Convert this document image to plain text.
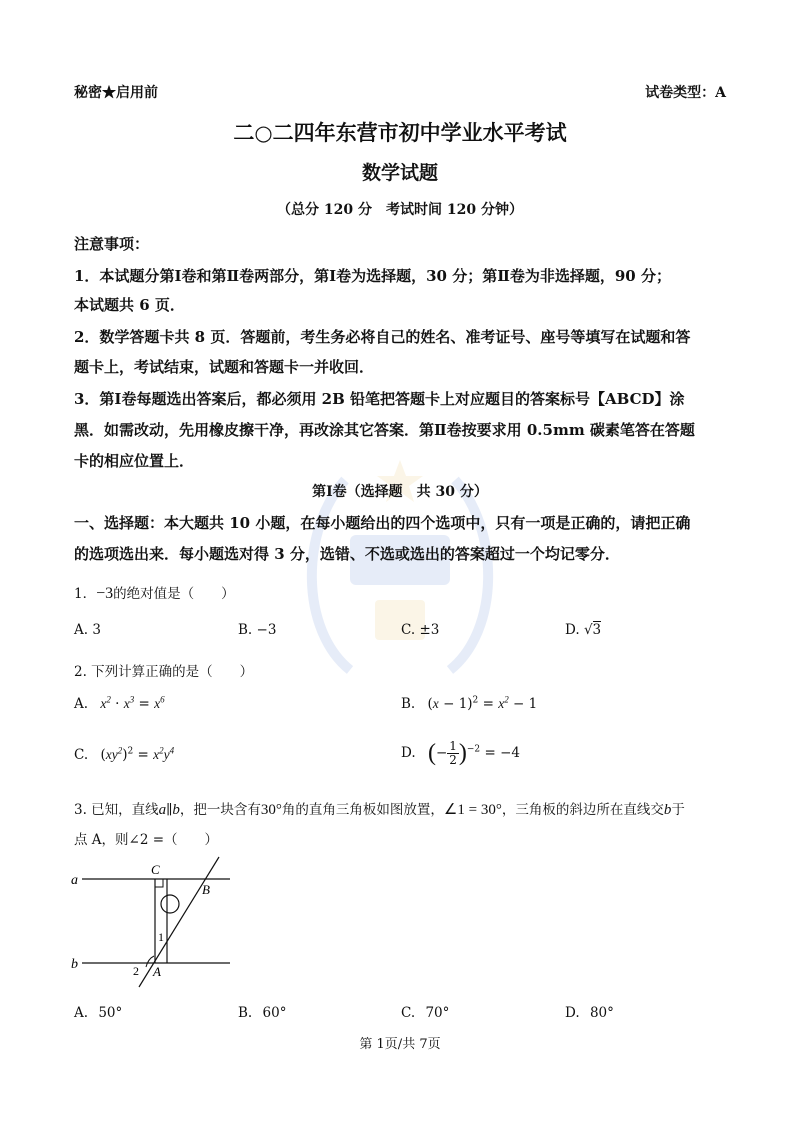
秘密★启用前	试卷类型：A
二○二四年东营市初中学业水平考试
数学试题
（总分 120 分　考试时间 120 分钟）
注意事项：
1．本试题分第Ⅰ卷和第Ⅱ卷两部分，第Ⅰ卷为选择题，30 分；第Ⅱ卷为非选择题，90 分；
本试题共 6 页．
2．数学答题卡共 8 页．答题前，考生务必将自己的姓名、准考证号、座号等填写在试题和答
题卡上，考试结束，试题和答题卡一并收回．
3．第Ⅰ卷每题选出答案后，都必须用 2B 铅笔把答题卡上对应题目的答案标号【ABCD】涂
黑．如需改动，先用橡皮擦干净，再改涂其它答案．第Ⅱ卷按要求用 0.5mm 碳素笔答在答题
卡的相应位置上．
第Ⅰ卷（选择题　共 30 分）
一、选择题：本大题共 10 小题，在每小题给出的四个选项中，只有一项是正确的，请把正确
的选项选出来．每小题选对得 3 分，选错、不选或选出的答案超过一个均记零分．
1．−3的绝对值是（　　）
A. 3	B. −3	C. ±3	D. √3
2. 下列计算正确的是（　　）
A. $x^2 \cdot x^3 = x^6$	B. $(x - 1)^2 = x^2 - 1$
C. $(xy^2)^2 = x^2y^4$	D. (− $\frac{1}{2} )^{-2} = -4$
3. 已知，直线a∥b，把一块含有30°角的直角三角板如图放置，∠1 = 30°，三角板的斜边所在直线交b于
点 A，则∠2 =（　　）
a
b
C
B
A
1
2
A. 50°	B. 60°	C. 70°	D. 80°
第 1页/共 7页
